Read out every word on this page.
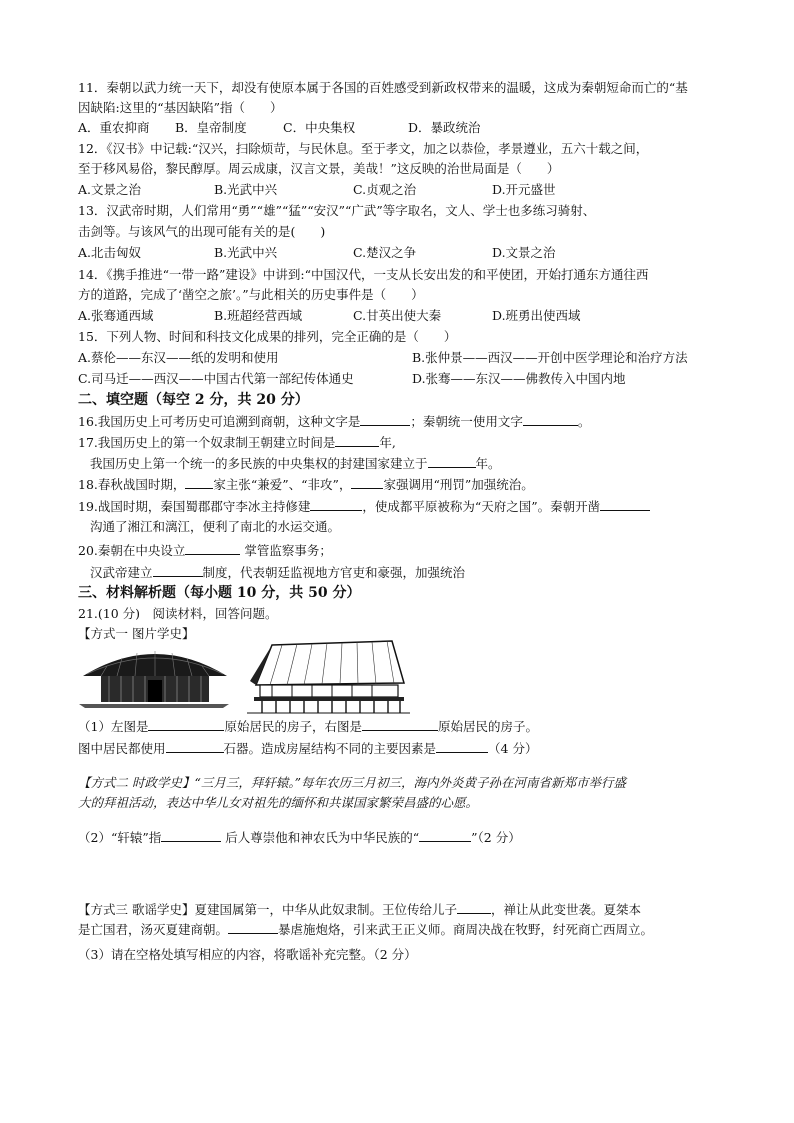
11．秦朝以武力统一天下，却没有使原本属于各国的百姓感受到新政权带来的温暖，这成为秦朝短命而亡的“基
因缺陷:这里的“基因缺陷”指（　　）
A．重农抑商 B．皇帝制度	C．中央集权	D．暴政统治
12．《汉书》中记载:“汉兴，扫除烦苛，与民休息。至于孝文，加之以恭俭，孝景遵业，五六十载之间，
至于移风易俗，黎民醇厚。周云成康，汉言文景，美哉！”这反映的治世局面是（　　）
A.文景之治	B.光武中兴	C.贞观之治	D.开元盛世
13．汉武帝时期，人们常用“勇”“雄”“猛”“安汉”“广武”等字取名，文人、学士也多练习骑射、
击剑等。与该风气的出现可能有关的是(　　)
A.北击匈奴	B.光武中兴	C.楚汉之争	D.文景之治
14．《携手推进“一带一路”建设》中讲到:“中国汉代，一支从长安出发的和平使团，开始打通东方通往西
方的道路，完成了‘凿空之旅’。”与此相关的历史事件是（　　）
A.张骞通西域	B.班超经营西域	C.甘英出使大秦	D.班勇出使西域
15．下列人物、时间和科技文化成果的排列，完全正确的是（　　）
A.蔡伦——东汉——纸的发明和使用	B.张仲景——西汉——开创中医学理论和治疗方法
C.司马迁——西汉——中国古代第一部纪传体通史	D.张骞——东汉——佛教传入中国内地
二、填空题（每空 2 分，共 20 分）
16.我国历史上可考历史可追溯到商朝，这种文字是	；秦朝统一使用文字	。
17.我国历史上的第一个奴隶制王朝建立时间是	年,
我国历史上第一个统一的多民族的中央集权的封建国家建立于	年。
18.春秋战国时期， 家主张“兼爱”、“非攻”，	家强调用“刑罚”加强统治。
19.战国时期，秦国蜀郡郡守李冰主持修建	，使成都平原被称为“天府之国”。秦朝开凿
沟通了湘江和漓江，便利了南北的水运交通。
20.秦朝在中央设立	掌管监察事务；
汉武帝建立	制度，代表朝廷监视地方官吏和豪强，加强统治
三、材料解析题（每小题 10 分，共 50 分）
21.(10 分)　阅读材料，回答问题。
【方式一 图片学史】
（1）左图是	原始居民的房子，右图是	原始居民的房子。
图中居民都使用	石器。造成房屋结构不同的主要因素是	（4 分）
【方式二 时政学史】“三月三，拜轩辕。”每年农历三月初三，海内外炎黄子孙在河南省新郑市举行盛
大的拜祖活动，表达中华儿女对祖先的缅怀和共谋国家繁荣昌盛的心愿。
（2）“轩辕”指	后人尊崇他和神农氏为中华民族的“	”（2 分）
【方式三 歌谣学史】夏建国属第一，中华从此奴隶制。王位传给儿子	，禅让从此变世袭。夏桀本
是亡国君，汤灭夏建商朝。	暴虐施炮烙，引来武王正义师。商周决战在牧野，纣死商亡西周立。
（3）请在空格处填写相应的内容，将歌谣补充完整。（2 分）
